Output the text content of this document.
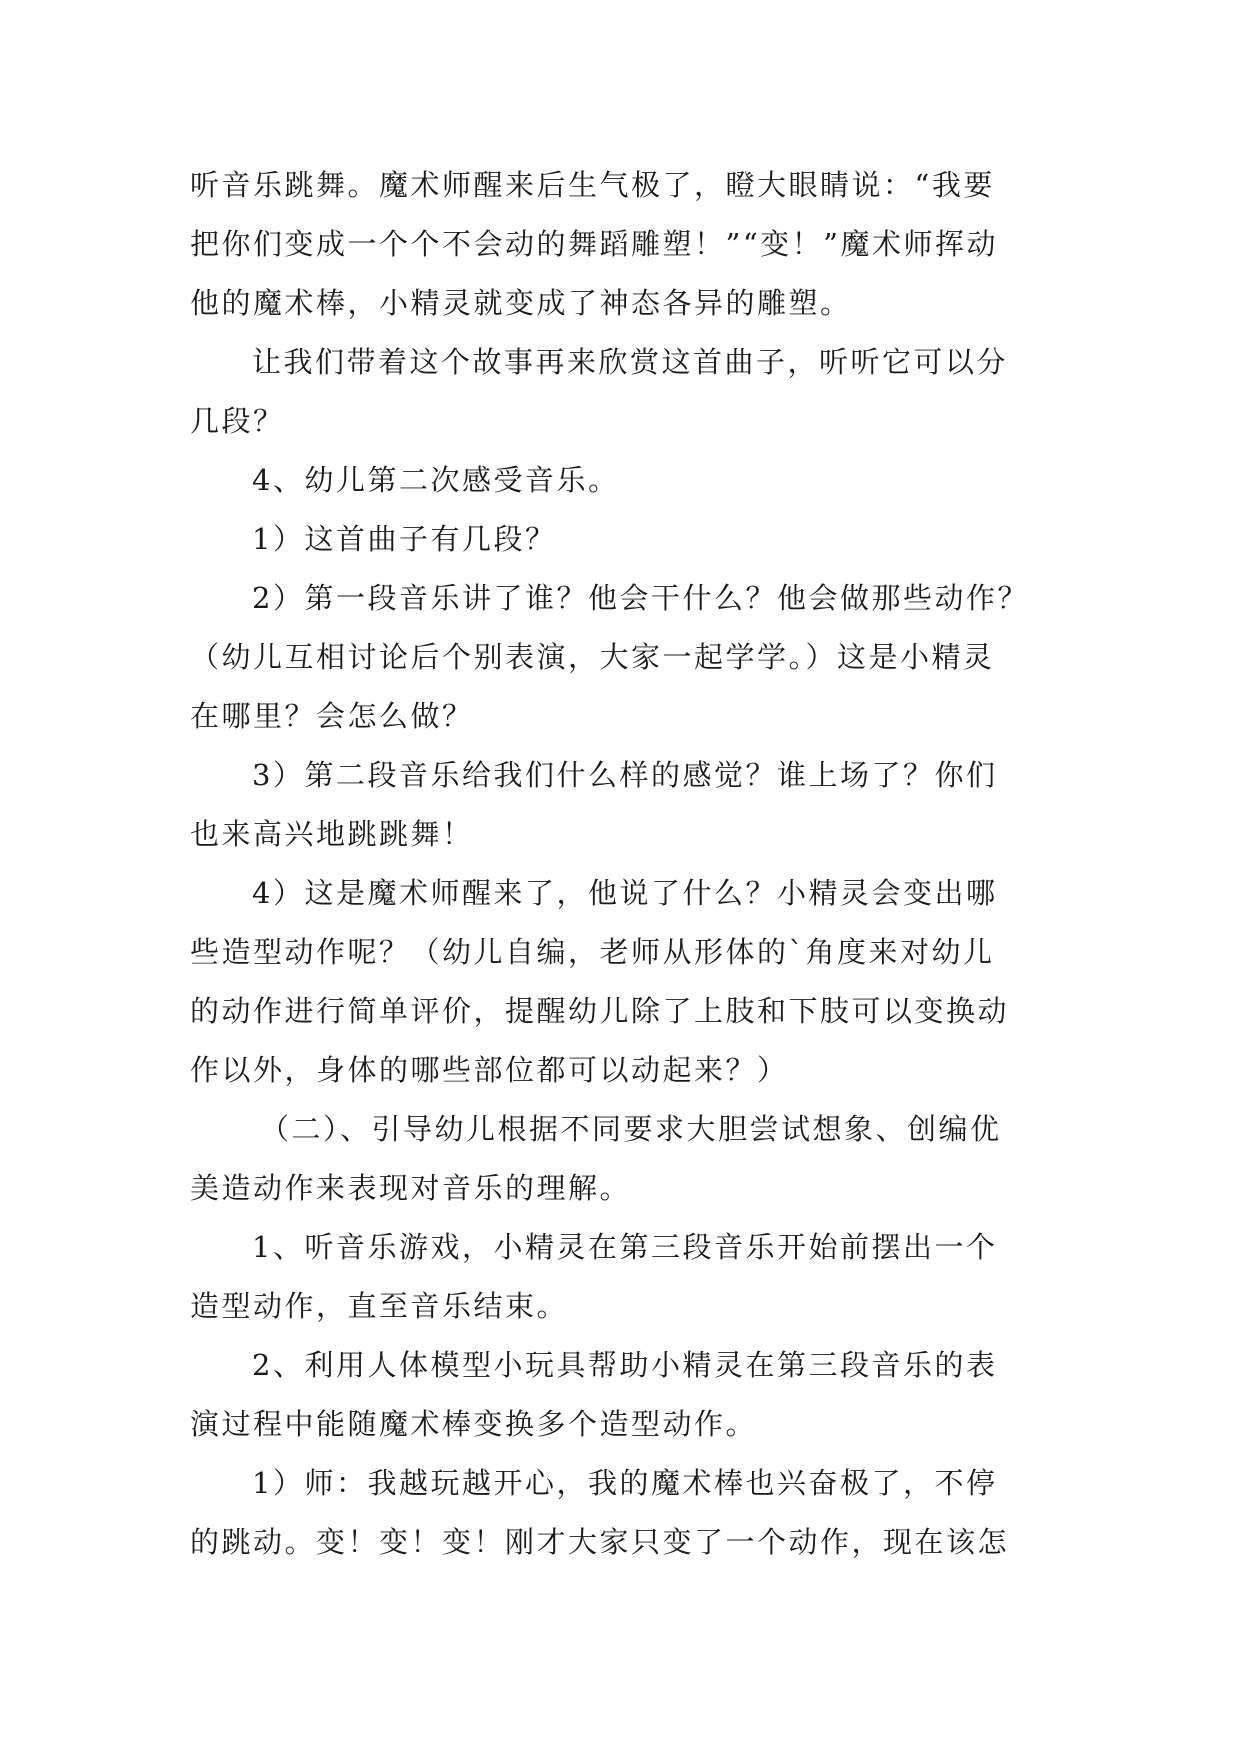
听音乐跳舞。魔术师醒来后生气极了，瞪大眼睛说：“我要
把你们变成一个个不会动的舞蹈雕塑！”“变！”魔术师挥动
他的魔术棒，小精灵就变成了神态各异的雕塑。
让我们带着这个故事再来欣赏这首曲子，听听它可以分
几段？
4、幼儿第二次感受音乐。
1）这首曲子有几段？
2）第一段音乐讲了谁？他会干什么？他会做那些动作？
（幼儿互相讨论后个别表演，大家一起学学。）这是小精灵
在哪里？会怎么做？
3）第二段音乐给我们什么样的感觉？谁上场了？你们
也来高兴地跳跳舞！
4）这是魔术师醒来了，他说了什么？小精灵会变出哪
些造型动作呢？（幼儿自编，老师从形体的`角度来对幼儿
的动作进行简单评价，提醒幼儿除了上肢和下肢可以变换动
作以外，身体的哪些部位都可以动起来？）
（二）、引导幼儿根据不同要求大胆尝试想象、创编优
美造动作来表现对音乐的理解。
1、听音乐游戏，小精灵在第三段音乐开始前摆出一个
造型动作，直至音乐结束。
2、利用人体模型小玩具帮助小精灵在第三段音乐的表
演过程中能随魔术棒变换多个造型动作。
1）师：我越玩越开心，我的魔术棒也兴奋极了，不停
的跳动。变！变！变！刚才大家只变了一个动作，现在该怎
